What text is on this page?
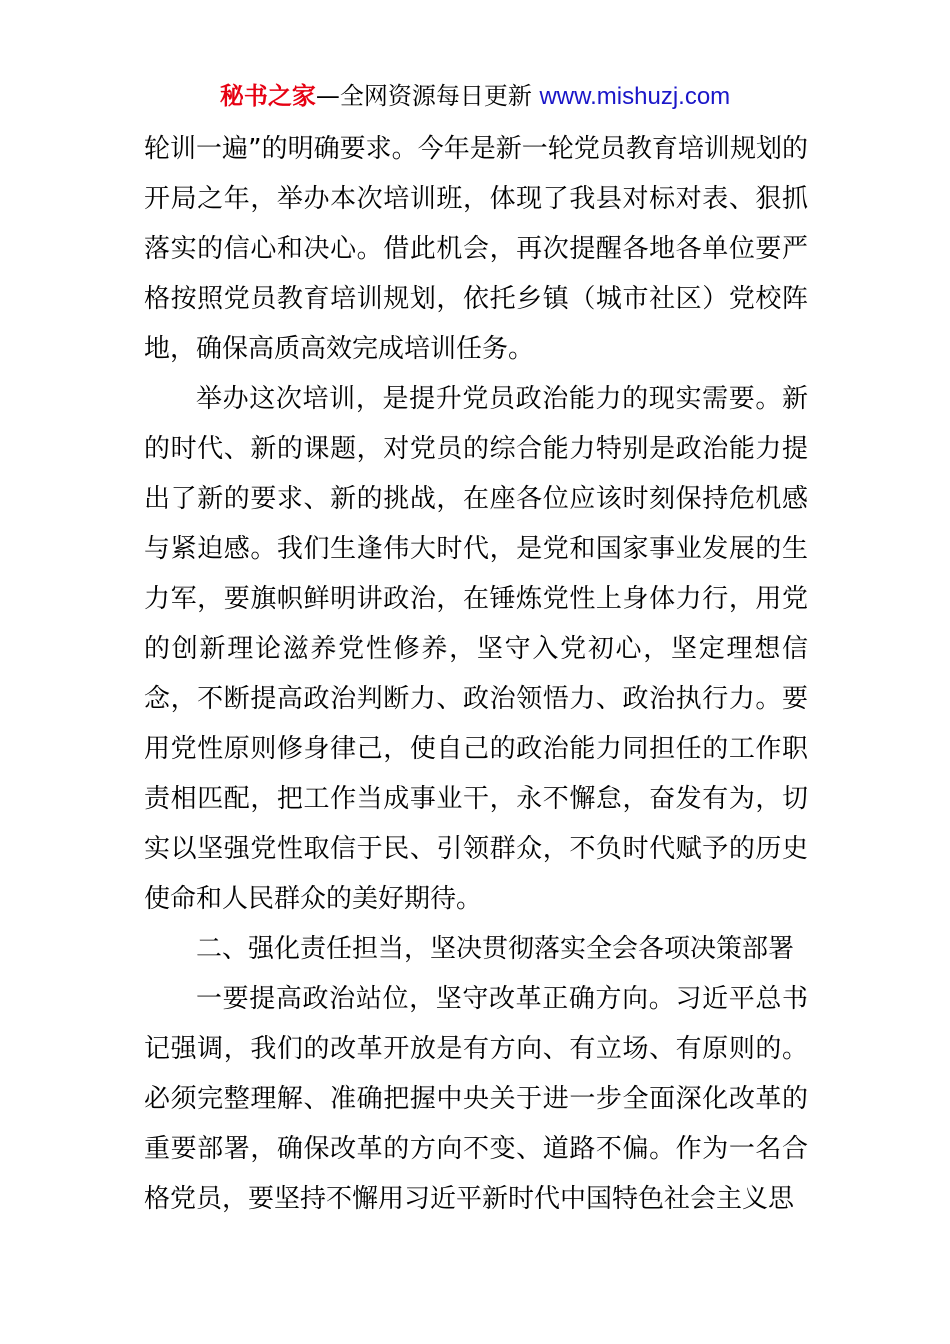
秘书之家—全网资源每日更新 www.mishuzj.com

轮训一遍”的明确要求。今年是新一轮党员教育培训规划的开局之年，举办本次培训班，体现了我县对标对表、狠抓落实的信心和决心。借此机会，再次提醒各地各单位要严格按照党员教育培训规划，依托乡镇（城市社区）党校阵地，确保高质高效完成培训任务。

举办这次培训，是提升党员政治能力的现实需要。新的时代、新的课题，对党员的综合能力特别是政治能力提出了新的要求、新的挑战，在座各位应该时刻保持危机感与紧迫感。我们生逢伟大时代，是党和国家事业发展的生力军，要旗帜鲜明讲政治，在锤炼党性上身体力行，用党的创新理论滋养党性修养，坚守入党初心，坚定理想信念，不断提高政治判断力、政治领悟力、政治执行力。要用党性原则修身律己，使自己的政治能力同担任的工作职责相匹配，把工作当成事业干，永不懈怠，奋发有为，切实以坚强党性取信于民、引领群众，不负时代赋予的历史使命和人民群众的美好期待。

二、强化责任担当，坚决贯彻落实全会各项决策部署

一要提高政治站位，坚守改革正确方向。习近平总书记强调，我们的改革开放是有方向、有立场、有原则的。必须完整理解、准确把握中央关于进一步全面深化改革的重要部署，确保改革的方向不变、道路不偏。作为一名合格党员，要坚持不懈用习近平新时代中国特色社会主义思
